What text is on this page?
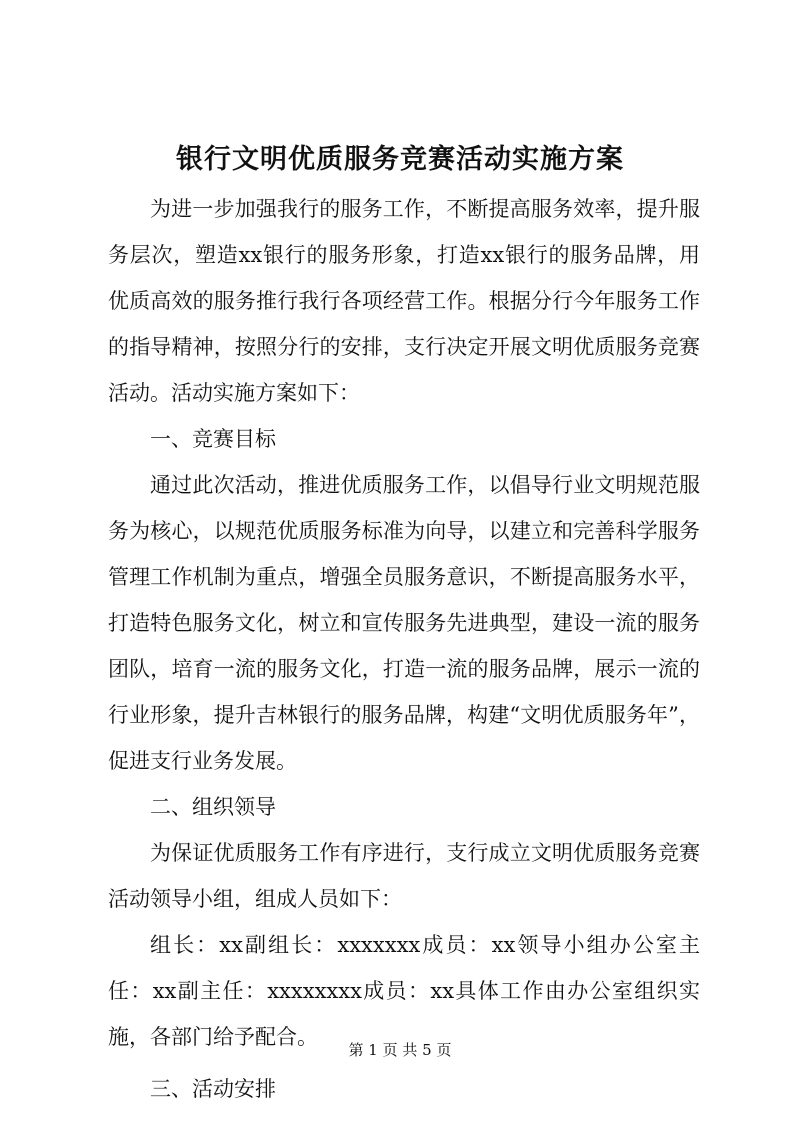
银行文明优质服务竞赛活动实施方案

为进一步加强我行的服务工作，不断提高服务效率，提升服务层次，塑造xx银行的服务形象，打造xx银行的服务品牌，用优质高效的服务推行我行各项经营工作。根据分行今年服务工作的指导精神，按照分行的安排，支行决定开展文明优质服务竞赛活动。活动实施方案如下：

一、竞赛目标

通过此次活动，推进优质服务工作，以倡导行业文明规范服务为核心，以规范优质服务标准为向导，以建立和完善科学服务管理工作机制为重点，增强全员服务意识，不断提高服务水平，打造特色服务文化，树立和宣传服务先进典型，建设一流的服务团队，培育一流的服务文化，打造一流的服务品牌，展示一流的行业形象，提升吉林银行的服务品牌，构建“文明优质服务年”，促进支行业务发展。

二、组织领导

为保证优质服务工作有序进行，支行成立文明优质服务竞赛活动领导小组，组成人员如下：

组长：xx副组长：xxxxxxx成员：xx领导小组办公室主任：xx副主任：xxxxxxxx成员：xx具体工作由办公室组织实施，各部门给予配合。

三、活动安排

第 1 页 共 5 页
